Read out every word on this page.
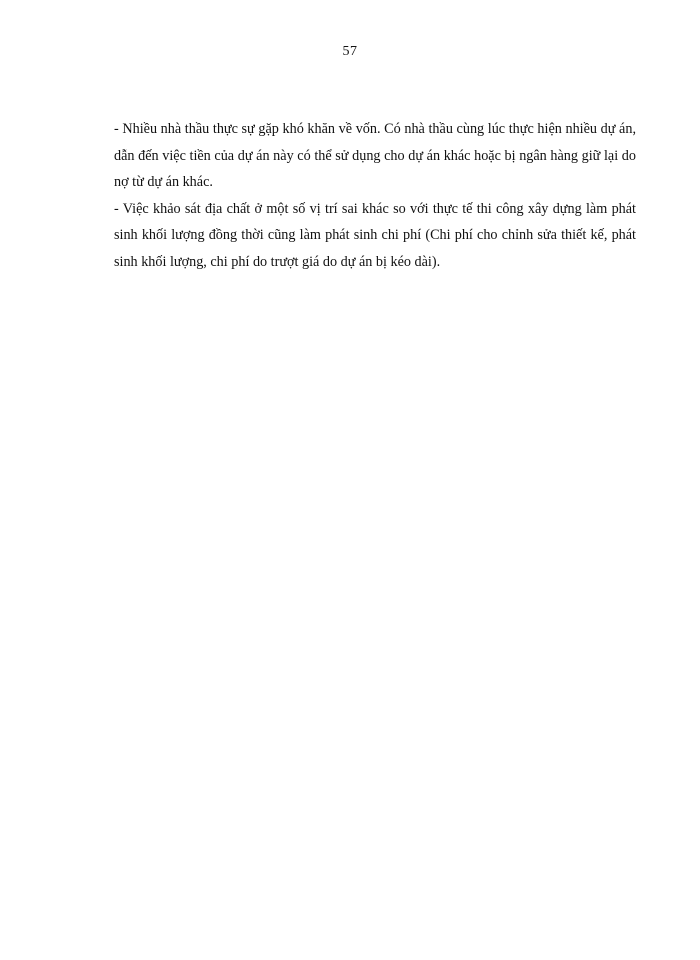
57

- Nhiều nhà thầu thực sự gặp khó khăn về vốn. Có nhà thầu cùng lúc thực hiện nhiều dự án, dẫn đến việc tiền của dự án này có thể sử dụng cho dự án khác hoặc bị ngân hàng giữ lại do nợ từ dự án khác.

- Việc khảo sát địa chất ở một số vị trí sai khác so với thực tế thi công xây dựng làm phát sinh khối lượng đồng thời cũng làm phát sinh chi phí (Chi phí cho chỉnh sửa thiết kế, phát sinh khối lượng, chi phí do trượt giá do dự án bị kéo dài).
